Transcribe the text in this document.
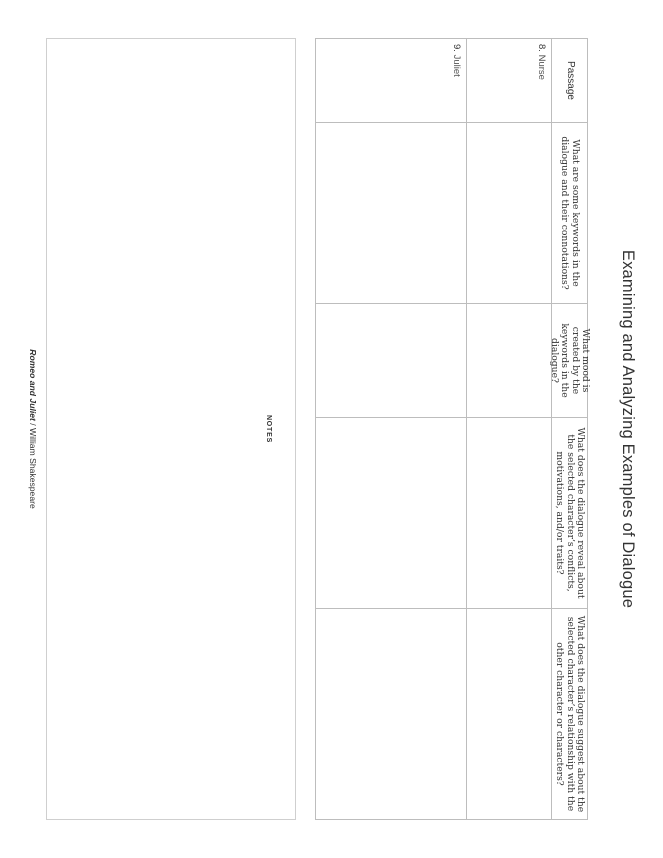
Examining and Analyzing Examples of Dialogue
Passage
What are some keywords in the dialogue and their connotations?
What mood is created by the keywords in the dialogue?
What does the dialogue reveal about the selected character’s conflicts, motivations, and/or traits?
What does the dialogue suggest about the selected character’s relationship with the other character or characters?
8. Nurse
9. Juliet
NOTES
Romeo and Juliet / William Shakespeare
